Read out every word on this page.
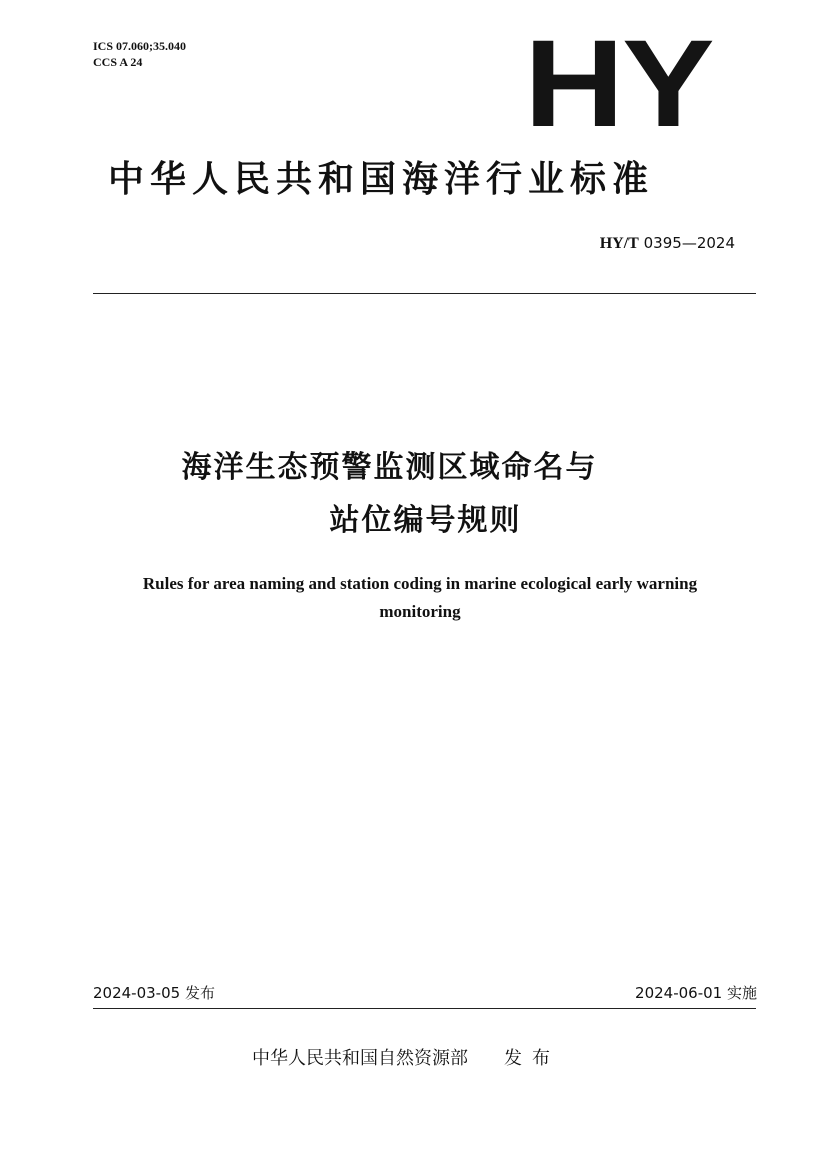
ICS 07.060;35.040
CCS A 24	HY
中华人民共和国海洋行业标准
HY/T 0395—2024
海洋生态预警监测区域命名与
站位编号规则
Rules for area naming and station coding in marine ecological early warning monitoring
2024-03-05 发布	2024-06-01 实施
中华人民共和国自然资源部 发布
